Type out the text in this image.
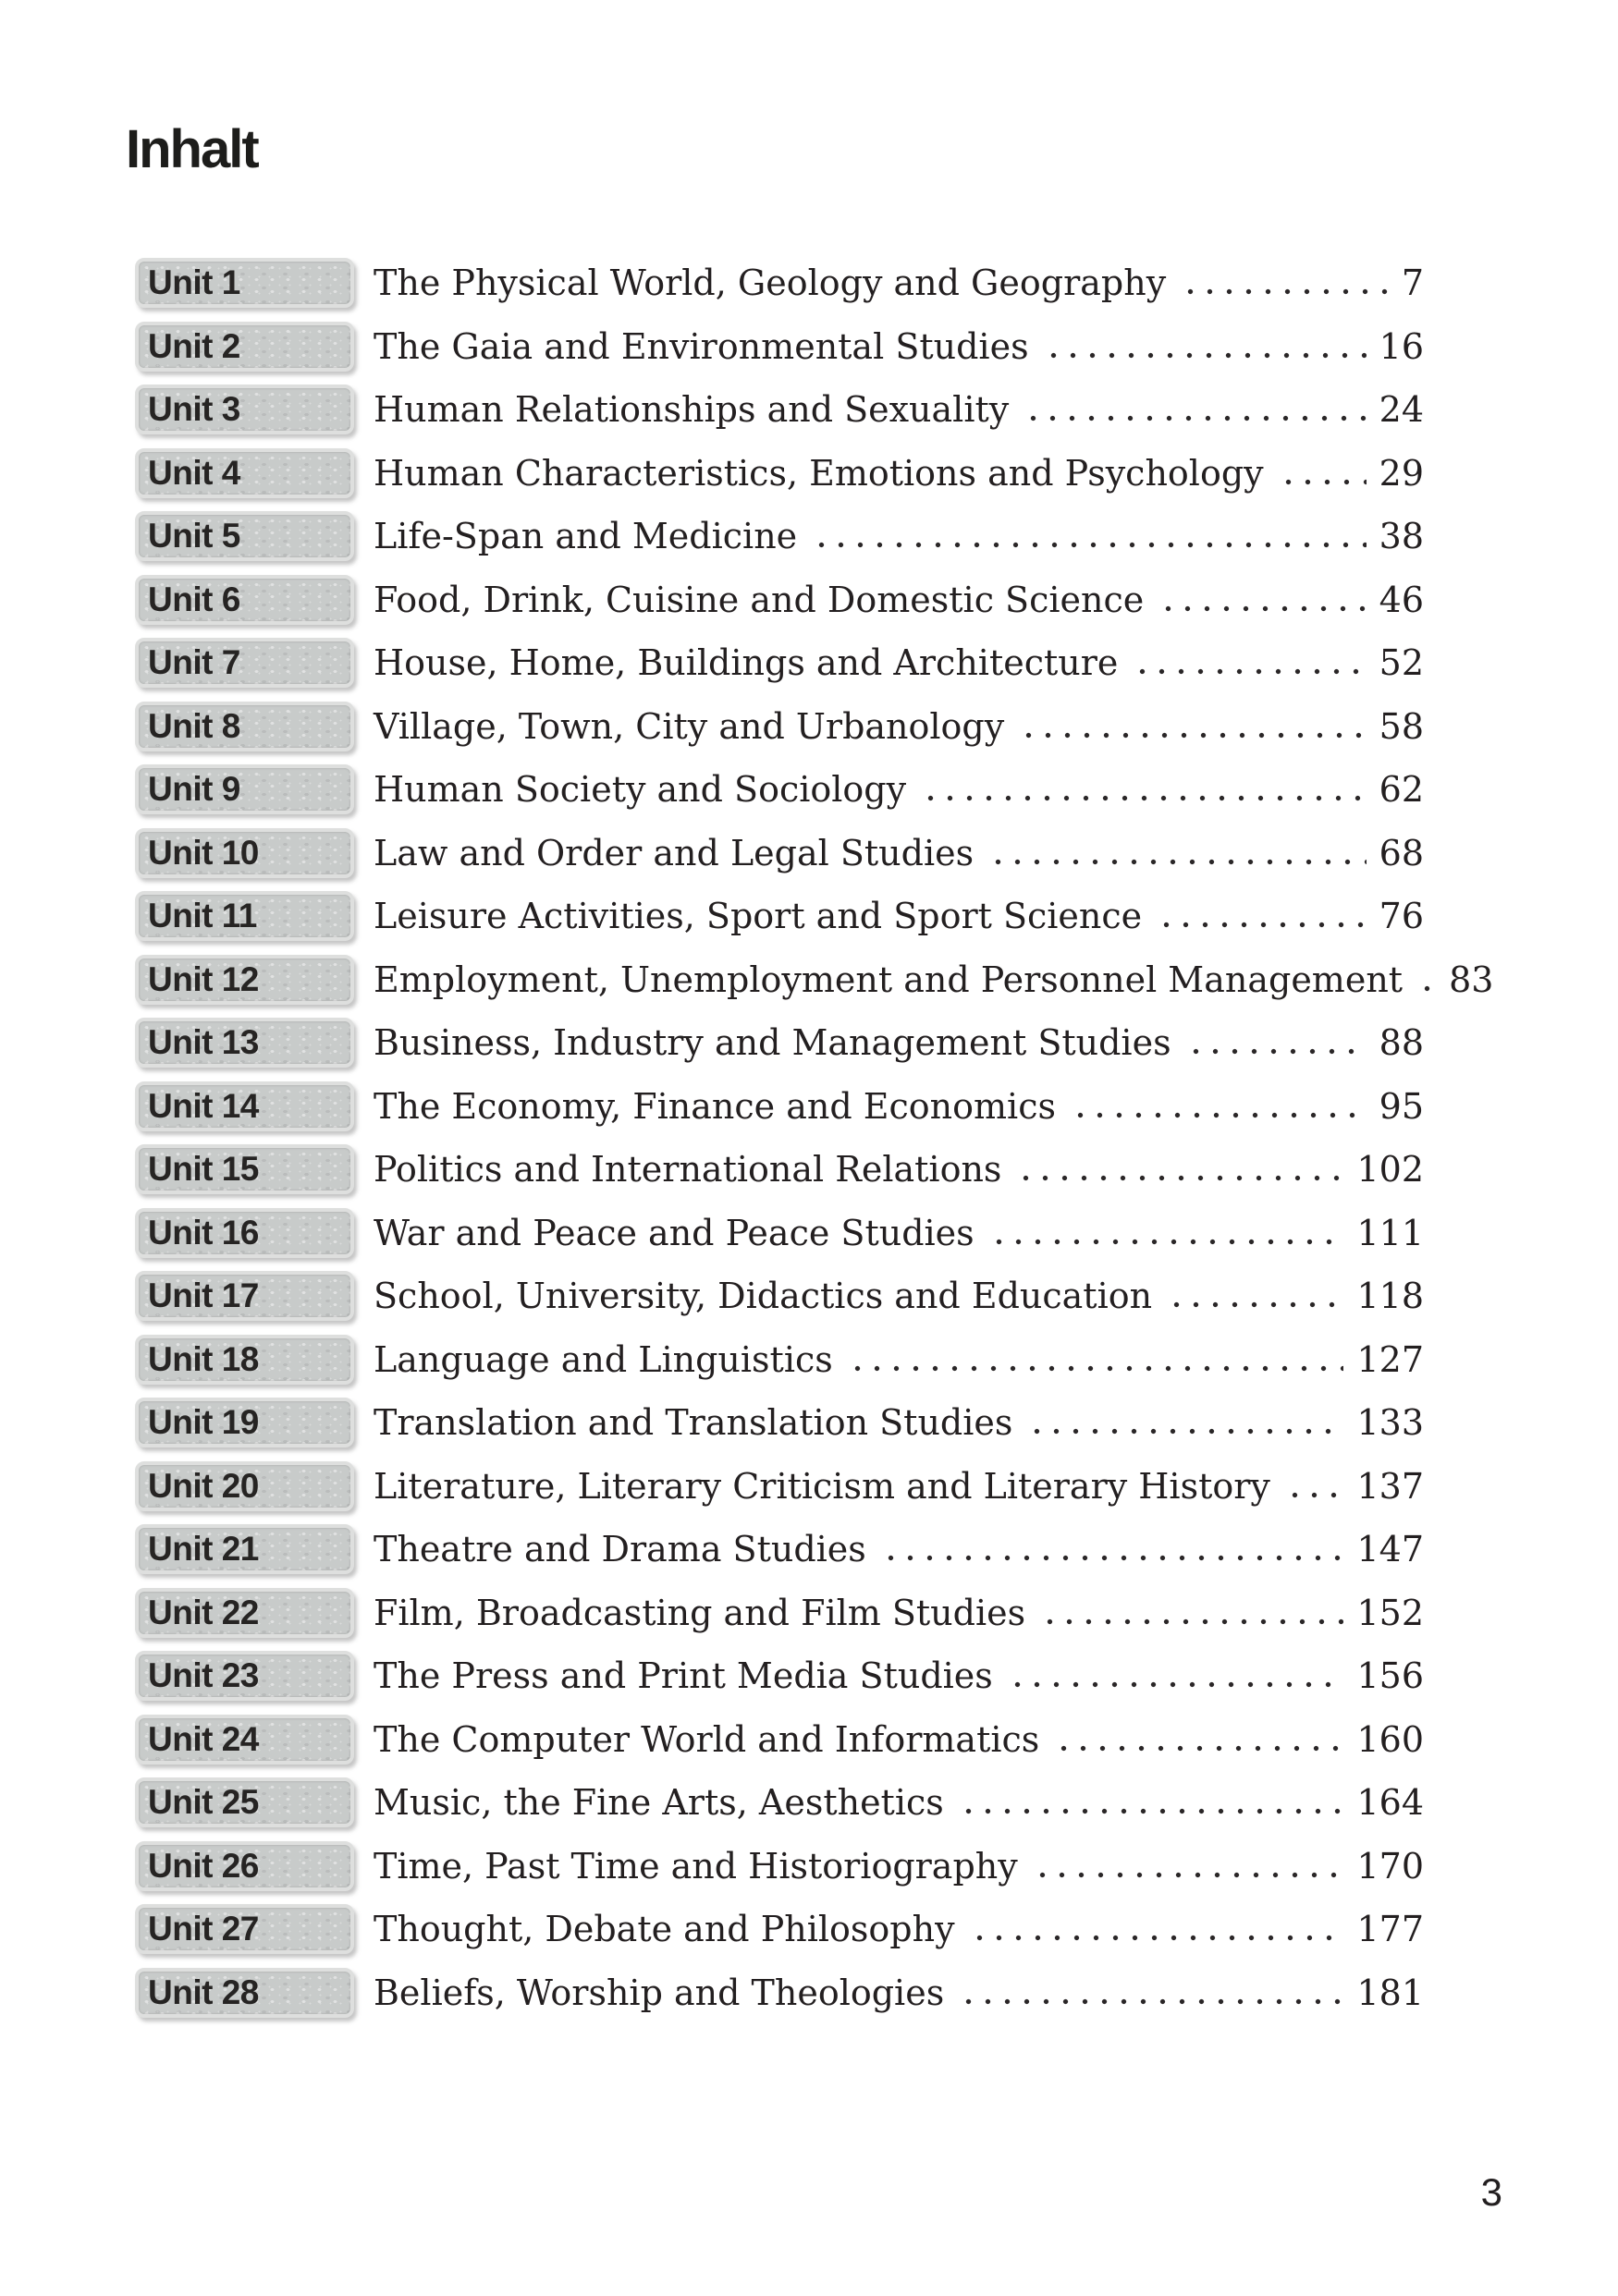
Inhalt
Unit 1	The Physical World, Geology and Geography	7
Unit 2	The Gaia and Environmental Studies	16
Unit 3	Human Relationships and Sexuality	24
Unit 4	Human Characteristics, Emotions and Psychology	29
Unit 5	Life-Span and Medicine	38
Unit 6	Food, Drink, Cuisine and Domestic Science	46
Unit 7	House, Home, Buildings and Architecture	52
Unit 8	Village, Town, City and Urbanology	58
Unit 9	Human Society and Sociology	62
Unit 10	Law and Order and Legal Studies	68
Unit 11	Leisure Activities, Sport and Sport Science	76
Unit 12	Employment, Unemployment and Personnel Management 83
Unit 13	Business, Industry and Management Studies	88
Unit 14	The Economy, Finance and Economics	95
Unit 15	Politics and International Relations	102
Unit 16	War and Peace and Peace Studies	111
Unit 17	School, University, Didactics and Education	118
Unit 18	Language and Linguistics	127
Unit 19	Translation and Translation Studies	133
Unit 20	Literature, Literary Criticism and Literary History 137
Unit 21	Theatre and Drama Studies	147
Unit 22	Film, Broadcasting and Film Studies	152
Unit 23	The Press and Print Media Studies	156
Unit 24	The Computer World and Informatics	160
Unit 25	Music, the Fine Arts, Aesthetics	164
Unit 26	Time, Past Time and Historiography	170
Unit 27	Thought, Debate and Philosophy	177
Unit 28	Beliefs, Worship and Theologies	181
3
